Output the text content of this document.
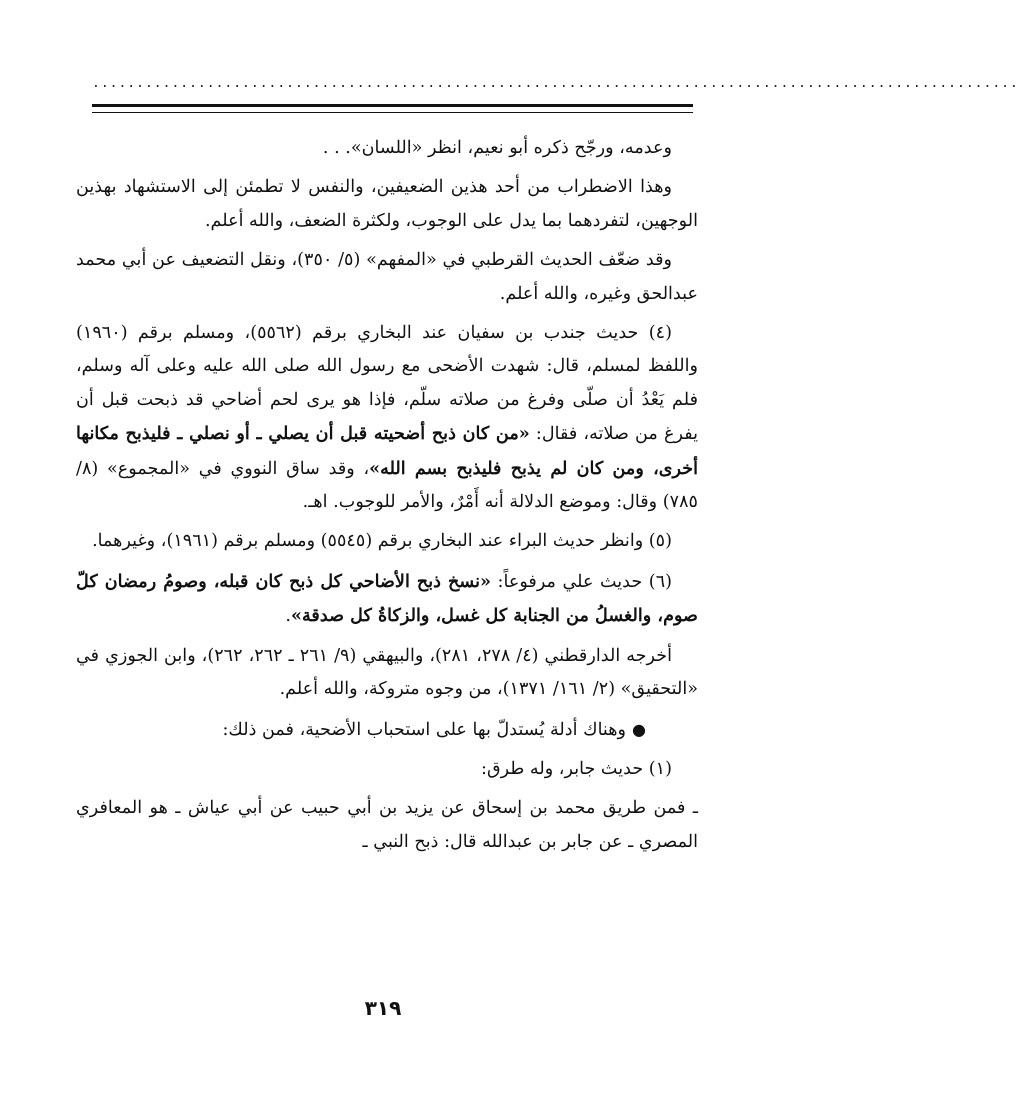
.........................................................................................................

وعدمه، ورجّح ذكره أبو نعيم، انظر «اللسان». . .

وهذا الاضطراب من أحد هذين الضعيفين، والنفس لا تطمئن إلى الاستشهاد بهذين الوجهين، لتفردهما بما يدل على الوجوب، ولكثرة الضعف، والله أعلم.

وقد ضعّف الحديث القرطبي في «المفهم» (٥/ ٣٥٠)، ونقل التضعيف عن أبي محمد عبدالحق وغيره، والله أعلم.

(٤) حديث جندب بن سفيان عند البخاري برقم (٥٥٦٢)، ومسلم برقم (١٩٦٠) واللفظ لمسلم، قال: شهدت الأضحى مع رسول الله صلى الله عليه وعلى آله وسلم، فلم يَعْدُ أن صلّى وفرغ من صلاته سلّم، فإذا هو يرى لحم أضاحي قد ذبحت قبل أن يفرغ من صلاته، فقال: «من كان ذبح أضحيته قبل أن يصلي ـ أو نصلي ـ فليذبح مكانها أخرى، ومن كان لم يذبح فليذبح بسم الله»، وقد ساق النووي في «المجموع» (٨/ ٧٨٥) وقال: وموضع الدلالة أنه أَمْرٌ، والأمر للوجوب. اهـ.

(٥) وانظر حديث البراء عند البخاري برقم (٥٥٤٥) ومسلم برقم (١٩٦١)، وغيرهما.

(٦) حديث علي مرفوعاً: «نسخ ذبح الأضاحي كل ذبح كان قبله، وصومُ رمضان كلّ صوم، والغسلُ من الجنابة كل غسل، والزكاةُ كل صدقة».

أخرجه الدارقطني (٤/ ٢٧٨، ٢٨١)، والبيهقي (٩/ ٢٦١ ـ ٢٦٢، ٢٦٢)، وابن الجوزي في «التحقيق» (٢/ ١٦١/ ١٣٧١)، من وجوه متروكة، والله أعلم.

●وهناك أدلة يُستدلّ بها على استحباب الأضحية، فمن ذلك:

(١) حديث جابر، وله طرق:

ـ فمن طريق محمد بن إسحاق عن يزيد بن أبي حبيب عن أبي عياش ـ هو المعافري المصري ـ عن جابر بن عبدالله قال: ذبح النبي ـ

٣١٩
